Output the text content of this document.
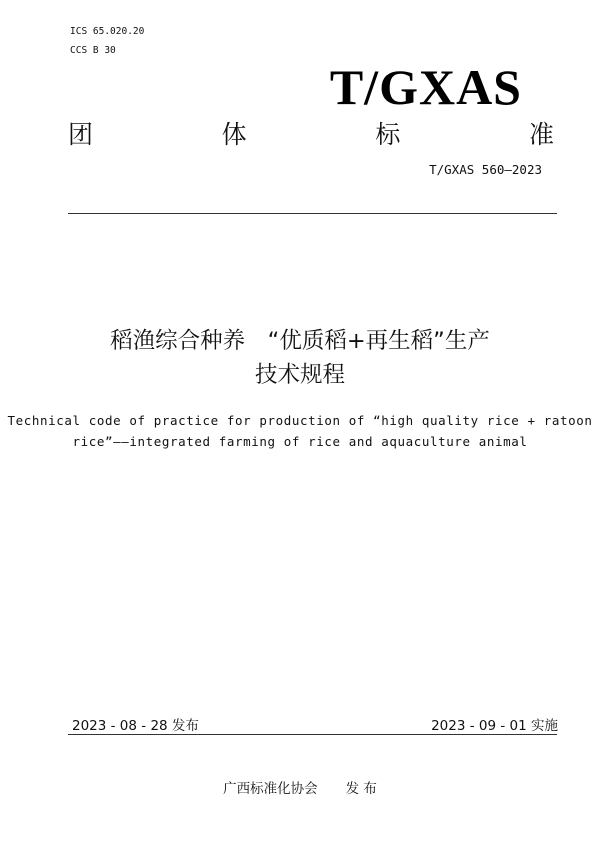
ICS 65.020.20
CCS B 30
T/GXAS
团	体	标	准
T/GXAS 560—2023
稻渔综合种养　“优质稻+再生稻”生产
技术规程
Technical code of practice for production of “high quality rice + ratoon
rice”——integrated farming of rice and aquaculture animal
2023 - 08 - 28 发布	2023 - 09 - 01 实施
广西标准化协会 发 布
